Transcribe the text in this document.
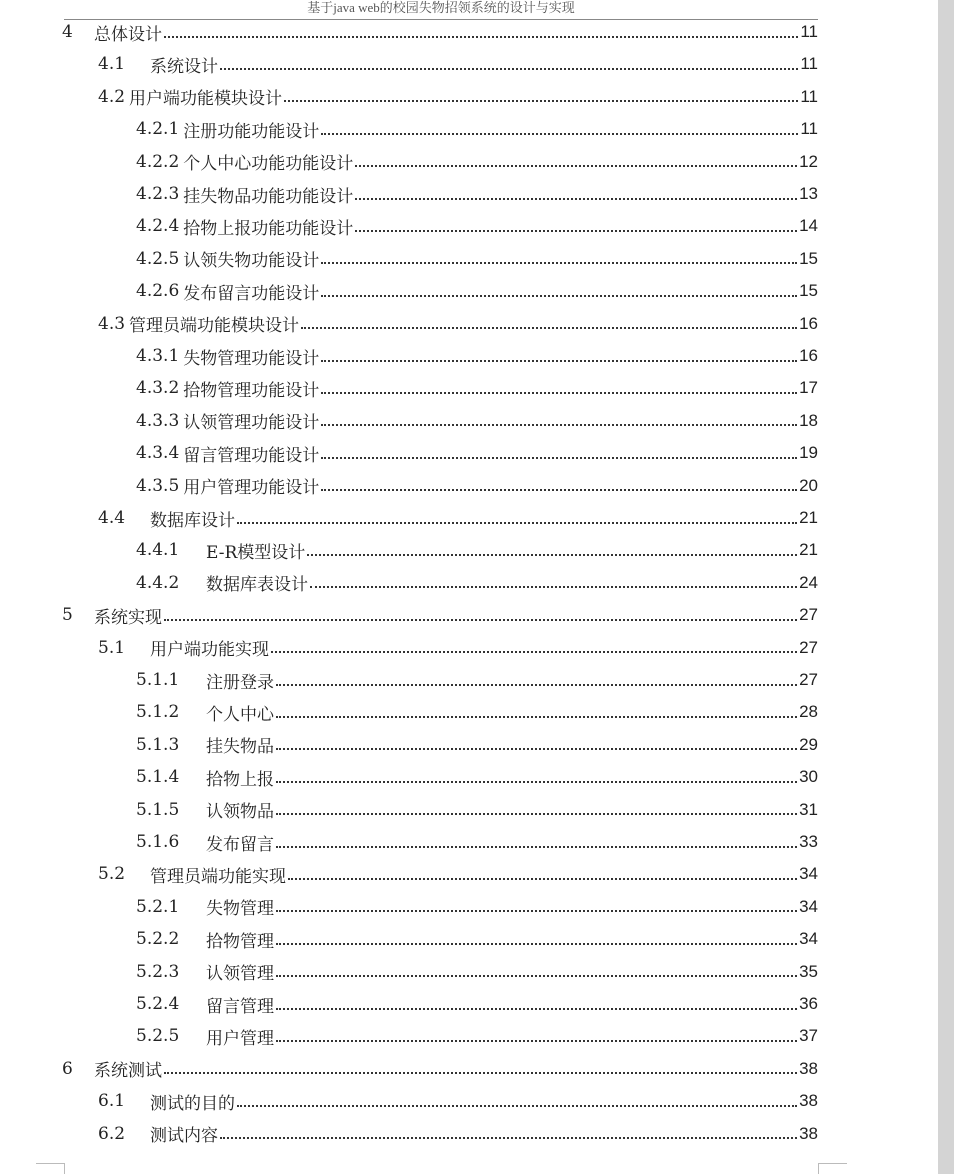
基于java web的校园失物招领系统的设计与实现
4	总体设计	11
4.1	系统设计	11
4.2 用户端功能模块设计	11
4.2.1 注册功能功能设计	11
4.2.2 个人中心功能功能设计	12
4.2.3 挂失物品功能功能设计	13
4.2.4 拾物上报功能功能设计	14
4.2.5 认领失物功能设计	15
4.2.6 发布留言功能设计	15
4.3 管理员端功能模块设计	16
4.3.1 失物管理功能设计	16
4.3.2 拾物管理功能设计	17
4.3.3 认领管理功能设计	18
4.3.4 留言管理功能设计	19
4.3.5 用户管理功能设计	20
4.4	数据库设计	21
4.4.1	E-R模型设计	21
4.4.2	数据库表设计	24
5	系统实现	27
5.1	用户端功能实现	27
5.1.1	注册登录	27
5.1.2	个人中心	28
5.1.3	挂失物品	29
5.1.4	拾物上报	30
5.1.5	认领物品	31
5.1.6	发布留言	33
5.2	管理员端功能实现	34
5.2.1	失物管理	34
5.2.2	拾物管理	34
5.2.3	认领管理	35
5.2.4	留言管理	36
5.2.5	用户管理	37
6	系统测试	38
6.1	测试的目的	38
6.2	测试内容	38
